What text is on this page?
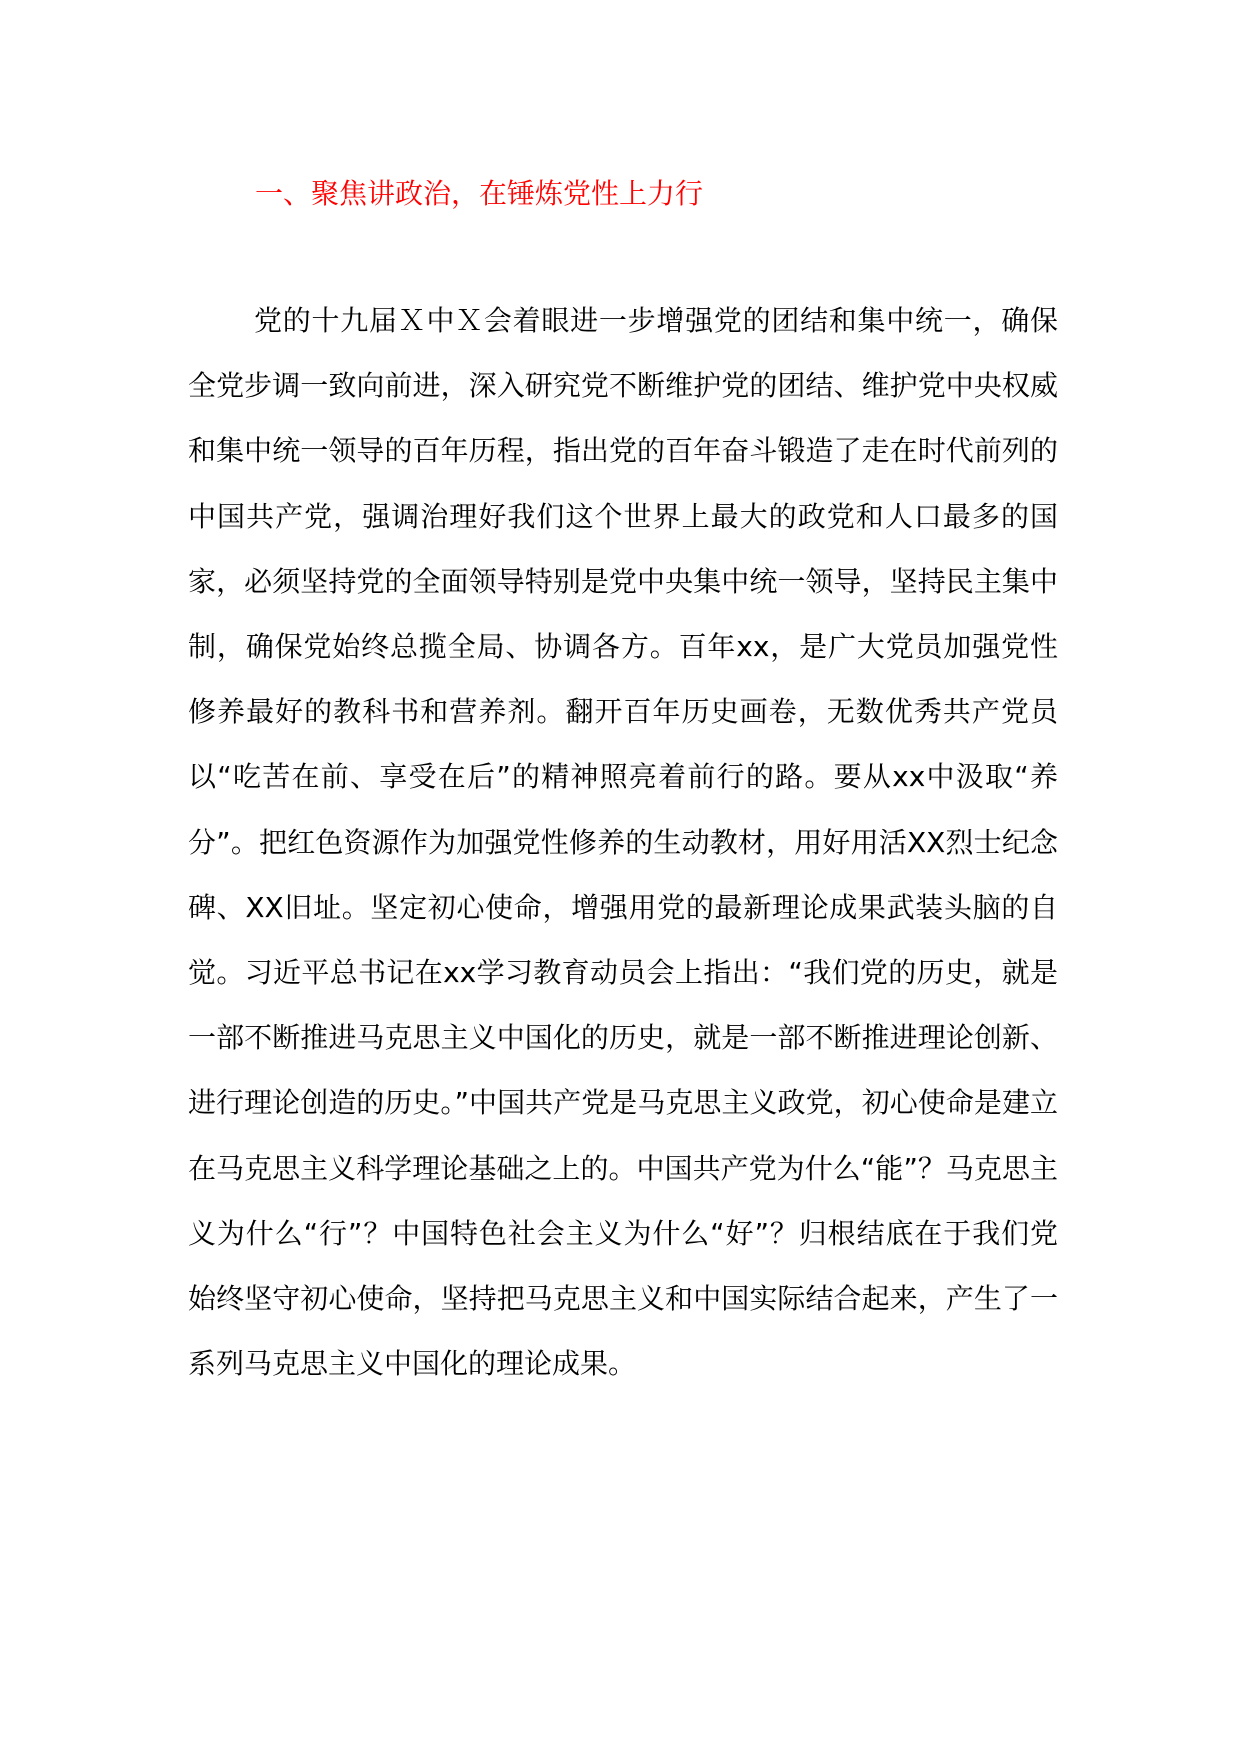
一、聚焦讲政治，在锤炼党性上力行

党的十九届Ｘ中Ｘ会着眼进一步增强党的团结和集中统一，确保全党步调一致向前进，深入研究党不断维护党的团结、维护党中央权威和集中统一领导的百年历程，指出党的百年奋斗锻造了走在时代前列的中国共产党，强调治理好我们这个世界上最大的政党和人口最多的国家，必须坚持党的全面领导特别是党中央集中统一领导，坚持民主集中制，确保党始终总揽全局、协调各方。百年xx，是广大党员加强党性修养最好的教科书和营养剂。翻开百年历史画卷，无数优秀共产党员以“吃苦在前、享受在后”的精神照亮着前行的路。要从xx中汲取“养分”。把红色资源作为加强党性修养的生动教材，用好用活XX烈士纪念碑、XX旧址。坚定初心使命，增强用党的最新理论成果武装头脑的自觉。习近平总书记在xx学习教育动员会上指出：“我们党的历史，就是一部不断推进马克思主义中国化的历史，就是一部不断推进理论创新、进行理论创造的历史。”中国共产党是马克思主义政党，初心使命是建立在马克思主义科学理论基础之上的。中国共产党为什么“能”？马克思主义为什么“行”？中国特色社会主义为什么“好”？归根结底在于我们党始终坚守初心使命，坚持把马克思主义和中国实际结合起来，产生了一系列马克思主义中国化的理论成果。
